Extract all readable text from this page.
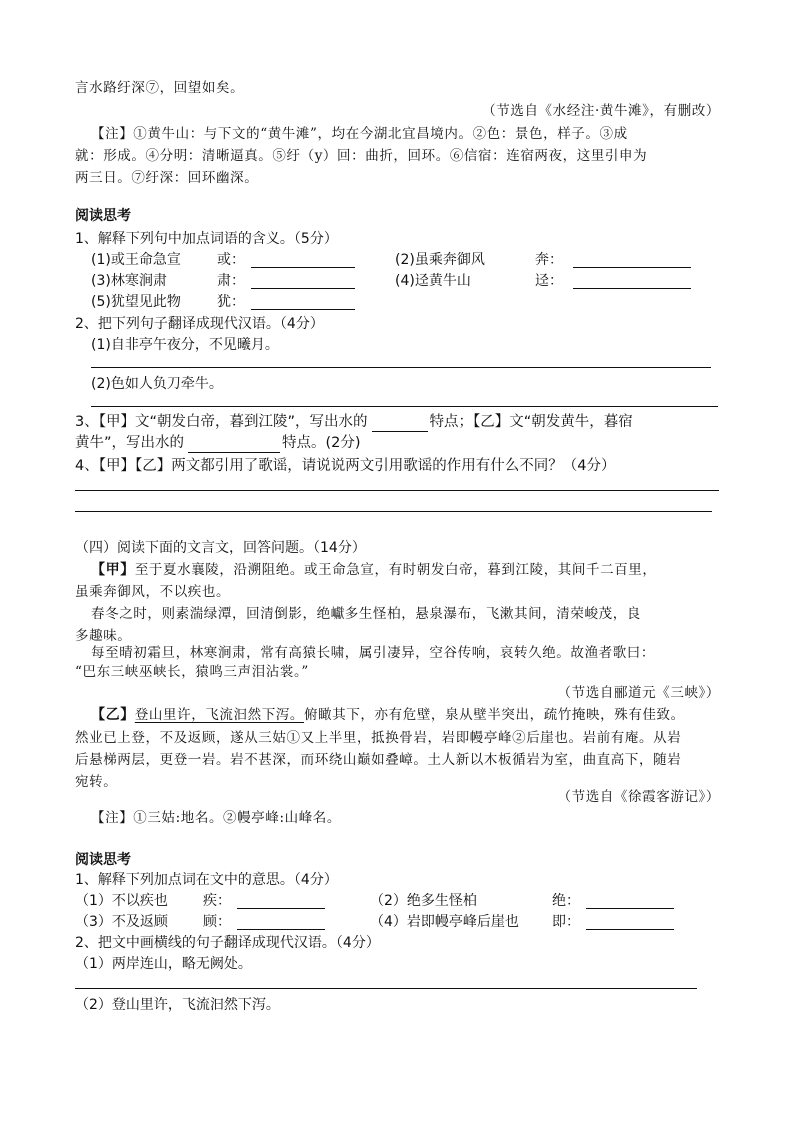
言水路纡深⑦，回望如矣。
（节选自《水经注·黄牛滩》，有删改）
【注】①黄牛山：与下文的“黄牛滩”，均在今湖北宜昌境内。②色：景色，样子。③成
就：形成。④分明：清晰逼真。⑤纡（y）回：曲折，回环。⑥信宿：连宿两夜，这里引申为
两三日。⑦纡深：回环幽深。
阅读思考
1、解释下列句中加点词语的含义。（5分）
(1)或王命急宣	或：	(2)虽乘奔御风	奔：
(3)林寒涧肃	肃：	(4)迳黄牛山	迳：
(5)犹望见此物	犹：
2、把下列句子翻译成现代汉语。（4分）
(1)自非亭午夜分，不见曦月。
(2)色如人负刀牵牛。
3、【甲】文“朝发白帝，暮到江陵”，写出水的	特点；【乙】文“朝发黄牛，暮宿
黄牛”，写出水的	特点。(2分)
4、【甲】【乙】两文都引用了歌谣，请说说两文引用歌谣的作用有什么不同？（4分）
（四）阅读下面的文言文，回答问题。（14分）
【甲】至于夏水襄陵，沿溯阻绝。或王命急宣，有时朝发白帝，暮到江陵，其间千二百里，
虽乘奔御风，不以疾也。
春冬之时，则素湍绿潭，回清倒影，绝巘多生怪柏，悬泉瀑布，飞漱其间，清荣峻茂，良
多趣味。
每至晴初霜旦，林寒涧肃，常有高猿长啸，属引凄异，空谷传响，哀转久绝。故渔者歌曰：
“巴东三峡巫峡长，猿鸣三声泪沾裳。”
（节选自郦道元《三峡》）
【乙】登山里许，飞流汩然下泻。俯瞰其下，亦有危壁，泉从壁半突出，疏竹掩映，殊有佳致。
然业已上登，不及返顾，遂从三姑①又上半里，抵换骨岩，岩即幔亭峰②后崖也。岩前有庵。从岩
后悬梯两层，更登一岩。岩不甚深，而环绕山巅如叠嶂。土人新以木板循岩为室，曲直高下，随岩
宛转。
（节选自《徐霞客游记》）
【注】①三姑:地名。②幔亭峰:山峰名。
阅读思考
1、解释下列加点词在文中的意思。（4分）
（1）不以疾也	疾：	（2）绝多生怪柏	绝：
（3）不及返顾	顾：	（4）岩即幔亭峰后崖也 即：
2、把文中画横线的句子翻译成现代汉语。（4分）
（1）两岸连山，略无阙处。
（2）登山里许，飞流汩然下泻。
